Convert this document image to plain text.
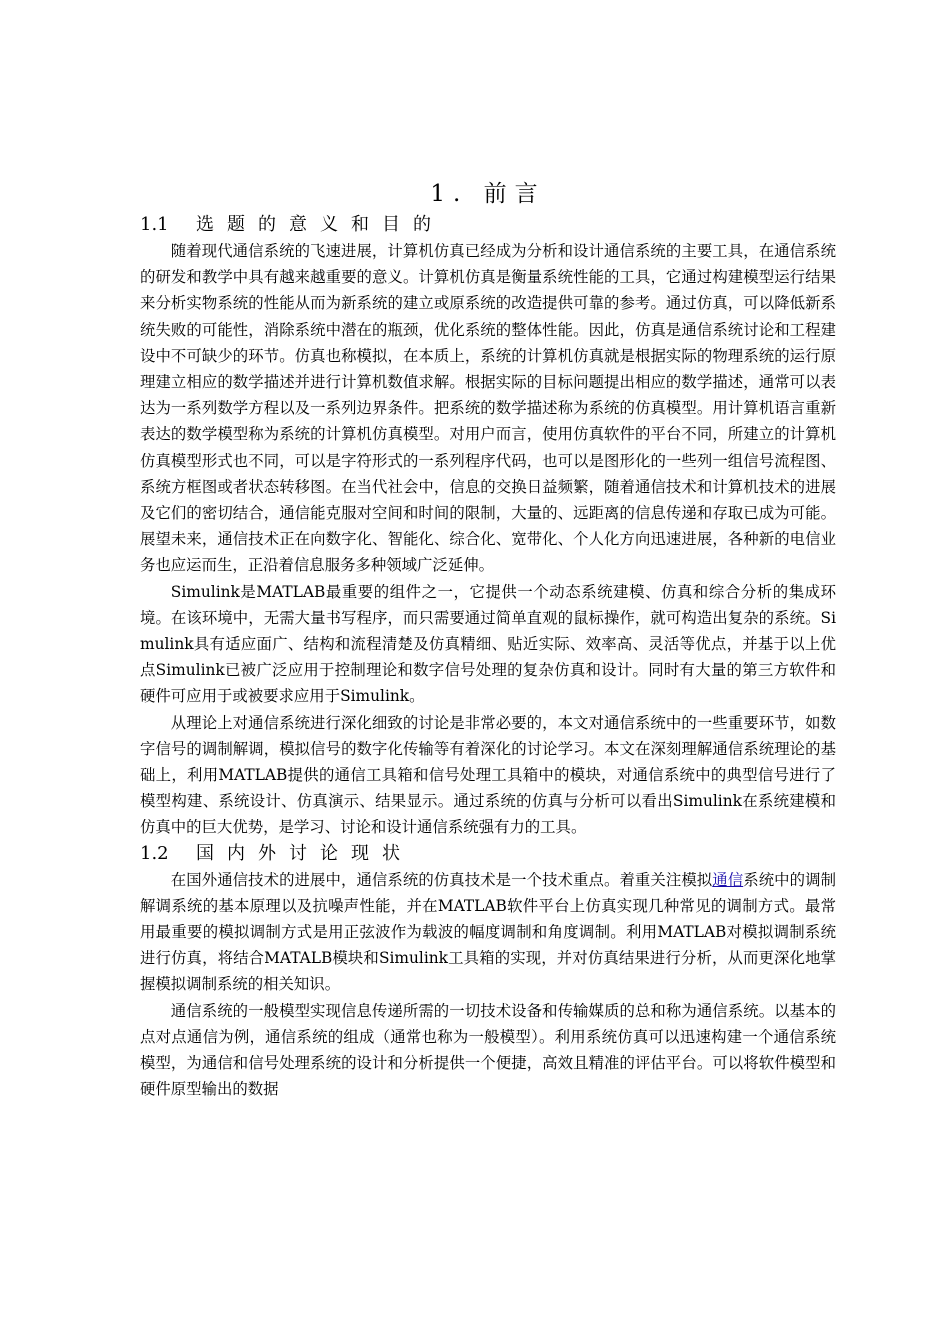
1. 前言
1.1 选题的意义和目的

随着现代通信系统的飞速进展，计算机仿真已经成为分析和设计通信系统的主要工具，在通信系统的研发和教学中具有越来越重要的意义。计算机仿真是衡量系统性能的工具，它通过构建模型运行结果来分析实物系统的性能从而为新系统的建立或原系统的改造提供可靠的参考。通过仿真，可以降低新系统失败的可能性，消除系统中潜在的瓶颈，优化系统的整体性能。因此，仿真是通信系统讨论和工程建设中不可缺少的环节。仿真也称模拟，在本质上，系统的计算机仿真就是根据实际的物理系统的运行原理建立相应的数学描述并进行计算机数值求解。根据实际的目标问题提出相应的数学描述，通常可以表达为一系列数学方程以及一系列边界条件。把系统的数学描述称为系统的仿真模型。用计算机语言重新表达的数学模型称为系统的计算机仿真模型。对用户而言，使用仿真软件的平台不同，所建立的计算机仿真模型形式也不同，可以是字符形式的一系列程序代码，也可以是图形化的一些列一组信号流程图、系统方框图或者状态转移图。在当代社会中，信息的交换日益频繁，随着通信技术和计算机技术的进展及它们的密切结合，通信能克服对空间和时间的限制，大量的、远距离的信息传递和存取已成为可能。展望未来，通信技术正在向数字化、智能化、综合化、宽带化、个人化方向迅速进展，各种新的电信业务也应运而生，正沿着信息服务多种领域广泛延伸。

Simulink是MATLAB最重要的组件之一，它提供一个动态系统建模、仿真和综合分析的集成环境。在该环境中，无需大量书写程序，而只需要通过简单直观的鼠标操作，就可构造出复杂的系统。Simulink具有适应面广、结构和流程清楚及仿真精细、贴近实际、效率高、灵活等优点，并基于以上优点Simulink已被广泛应用于控制理论和数字信号处理的复杂仿真和设计。同时有大量的第三方软件和硬件可应用于或被要求应用于Simulink。

从理论上对通信系统进行深化细致的讨论是非常必要的，本文对通信系统中的一些重要环节，如数字信号的调制解调，模拟信号的数字化传输等有着深化的讨论学习。本文在深刻理解通信系统理论的基础上，利用MATLAB提供的通信工具箱和信号处理工具箱中的模块，对通信系统中的典型信号进行了模型构建、系统设计、仿真演示、结果显示。通过系统的仿真与分析可以看出Simulink在系统建模和仿真中的巨大优势，是学习、讨论和设计通信系统强有力的工具。

1.2 国内外讨论现状

在国外通信技术的进展中，通信系统的仿真技术是一个技术重点。着重关注模拟通信系统中的调制解调系统的基本原理以及抗噪声性能，并在MATLAB软件平台上仿真实现几种常见的调制方式。最常用最重要的模拟调制方式是用正弦波作为载波的幅度调制和角度调制。利用MATLAB对模拟调制系统进行仿真，将结合MATALB模块和Simulink工具箱的实现，并对仿真结果进行分析，从而更深化地掌握模拟调制系统的相关知识。

通信系统的一般模型实现信息传递所需的一切技术设备和传输媒质的总和称为通信系统。以基本的点对点通信为例，通信系统的组成（通常也称为一般模型）。利用系统仿真可以迅速构建一个通信系统模型，为通信和信号处理系统的设计和分析提供一个便捷，高效且精准的评估平台。可以将软件模型和硬件原型输出的数据
